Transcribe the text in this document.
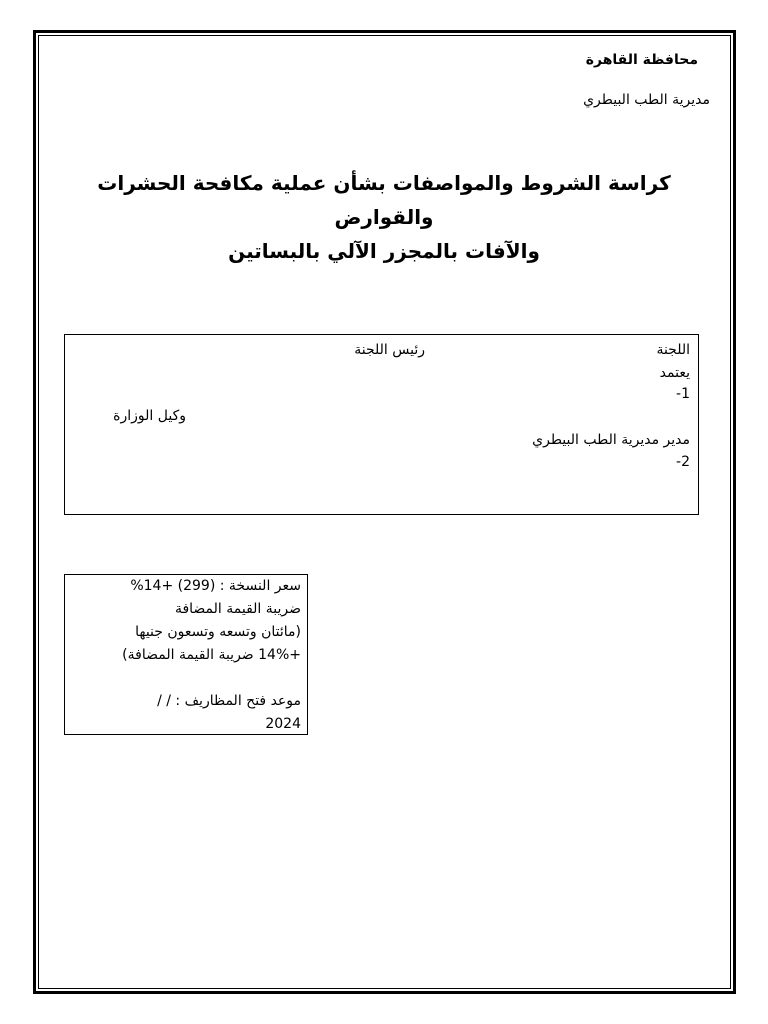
محافظة القاهرة
مديرية الطب البيطري
كراسة الشروط والمواصفات بشأن عملية مكافحة الحشرات والقوارض
والآفات بالمجزر الآلي بالبساتين
اللجنة
رئيس اللجنة
يعتمد
-1
وكيل الوزارة
مدير مديرية الطب البيطري
-2
سعر النسخة : (299) +14%
ضريبة القيمة المضافة
(مائتان وتسعه وتسعون جنيها
+14% ضريبة القيمة المضافة)
موعد فتح المظاريف : / /
2024
